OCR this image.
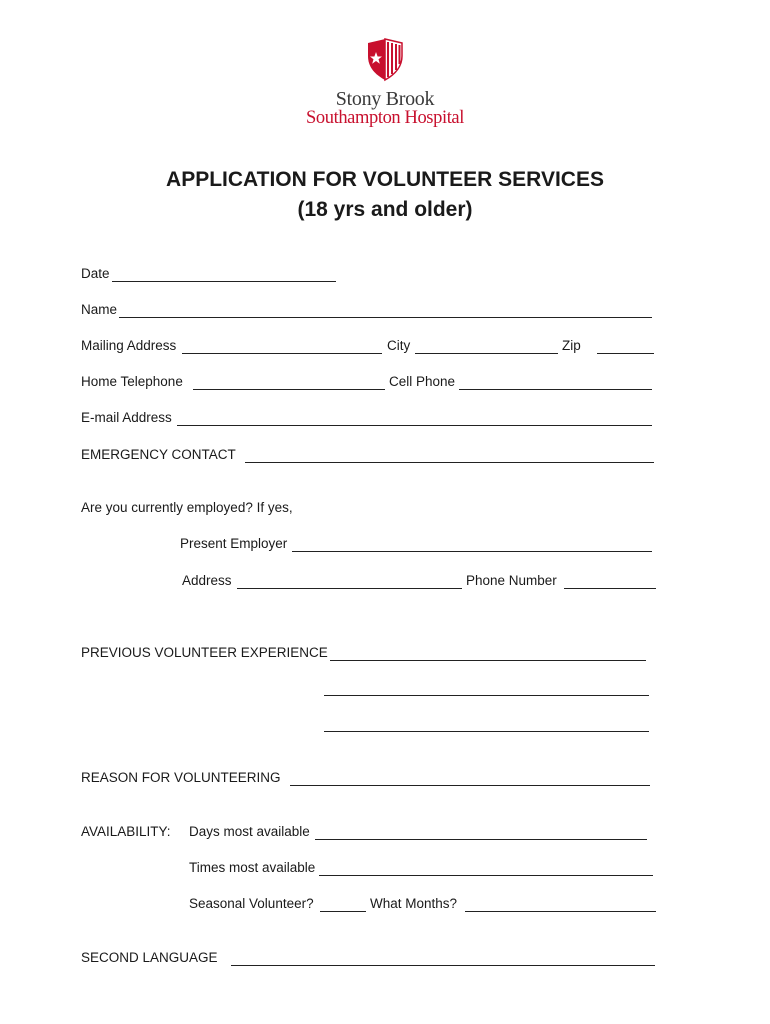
Stony Brook
Southampton Hospital
APPLICATION FOR VOLUNTEER SERVICES
(18 yrs and older)
Date
Name
Mailing Address	City	Zip
Home Telephone	Cell Phone
E-mail Address
EMERGENCY CONTACT
Are you currently employed? If yes,
Present Employer
Address	Phone Number
PREVIOUS VOLUNTEER EXPERIENCE
REASON FOR VOLUNTEERING
AVAILABILITY: Days most available
Times most available
Seasonal Volunteer?	What Months?
SECOND LANGUAGE
